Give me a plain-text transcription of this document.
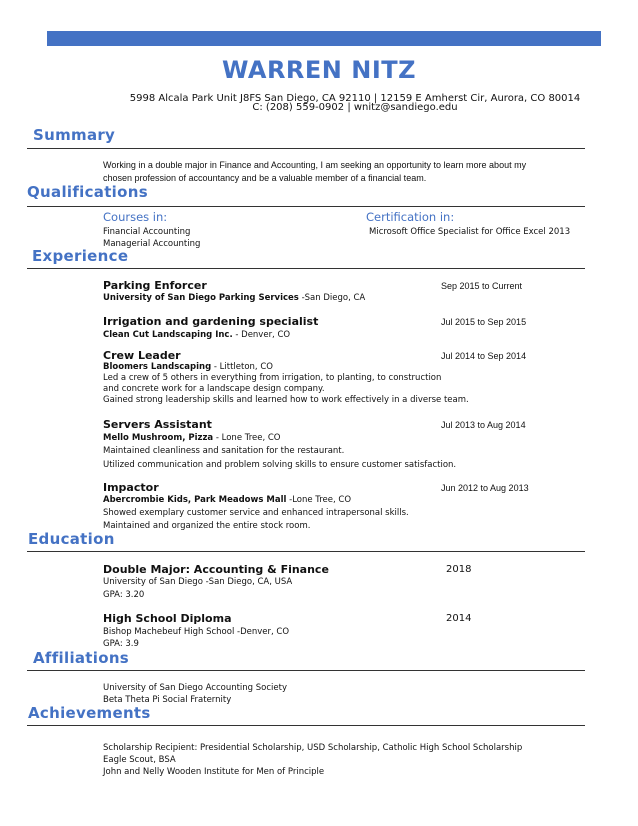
WARREN NITZ
5998 Alcala Park Unit J8FS San Diego, CA 92110 | 12159 E Amherst Cir, Aurora, CO 80014
C: (208) 559-0902 | wnitz@sandiego.edu
Summary
Working in a double major in Finance and Accounting, I am seeking an opportunity to learn more about my
chosen profession of accountancy and be a valuable member of a financial team.
Qualifications
Courses in:
Financial Accounting
Managerial Accounting
Certification in:
Microsoft Office Specialist for Office Excel 2013
Experience
Parking Enforcer	Sep 2015 to Current
University of San Diego Parking Services -San Diego, CA
Irrigation and gardening specialist	Jul 2015 to Sep 2015
Clean Cut Landscaping Inc. - Denver, CO
Crew Leader	Jul 2014 to Sep 2014
Bloomers Landscaping - Littleton, CO
Led a crew of 5 others in everything from irrigation, to planting, to construction
and concrete work for a landscape design company.
Gained strong leadership skills and learned how to work effectively in a diverse team.
Servers Assistant	Jul 2013 to Aug 2014
Mello Mushroom, Pizza - Lone Tree, CO
Maintained cleanliness and sanitation for the restaurant.
Utilized communication and problem solving skills to ensure customer satisfaction.
Impactor	Jun 2012 to Aug 2013
Abercrombie Kids, Park Meadows Mall -Lone Tree, CO
Showed exemplary customer service and enhanced intrapersonal skills.
Maintained and organized the entire stock room.
Education
Double Major: Accounting & Finance	2018
University of San Diego -San Diego, CA, USA
GPA: 3.20
High School Diploma	2014
Bishop Machebeuf High School -Denver, CO
GPA: 3.9
Affiliations
University of San Diego Accounting Society
Beta Theta Pi Social Fraternity
Achievements
Scholarship Recipient: Presidential Scholarship, USD Scholarship, Catholic High School Scholarship
Eagle Scout, BSA
John and Nelly Wooden Institute for Men of Principle
